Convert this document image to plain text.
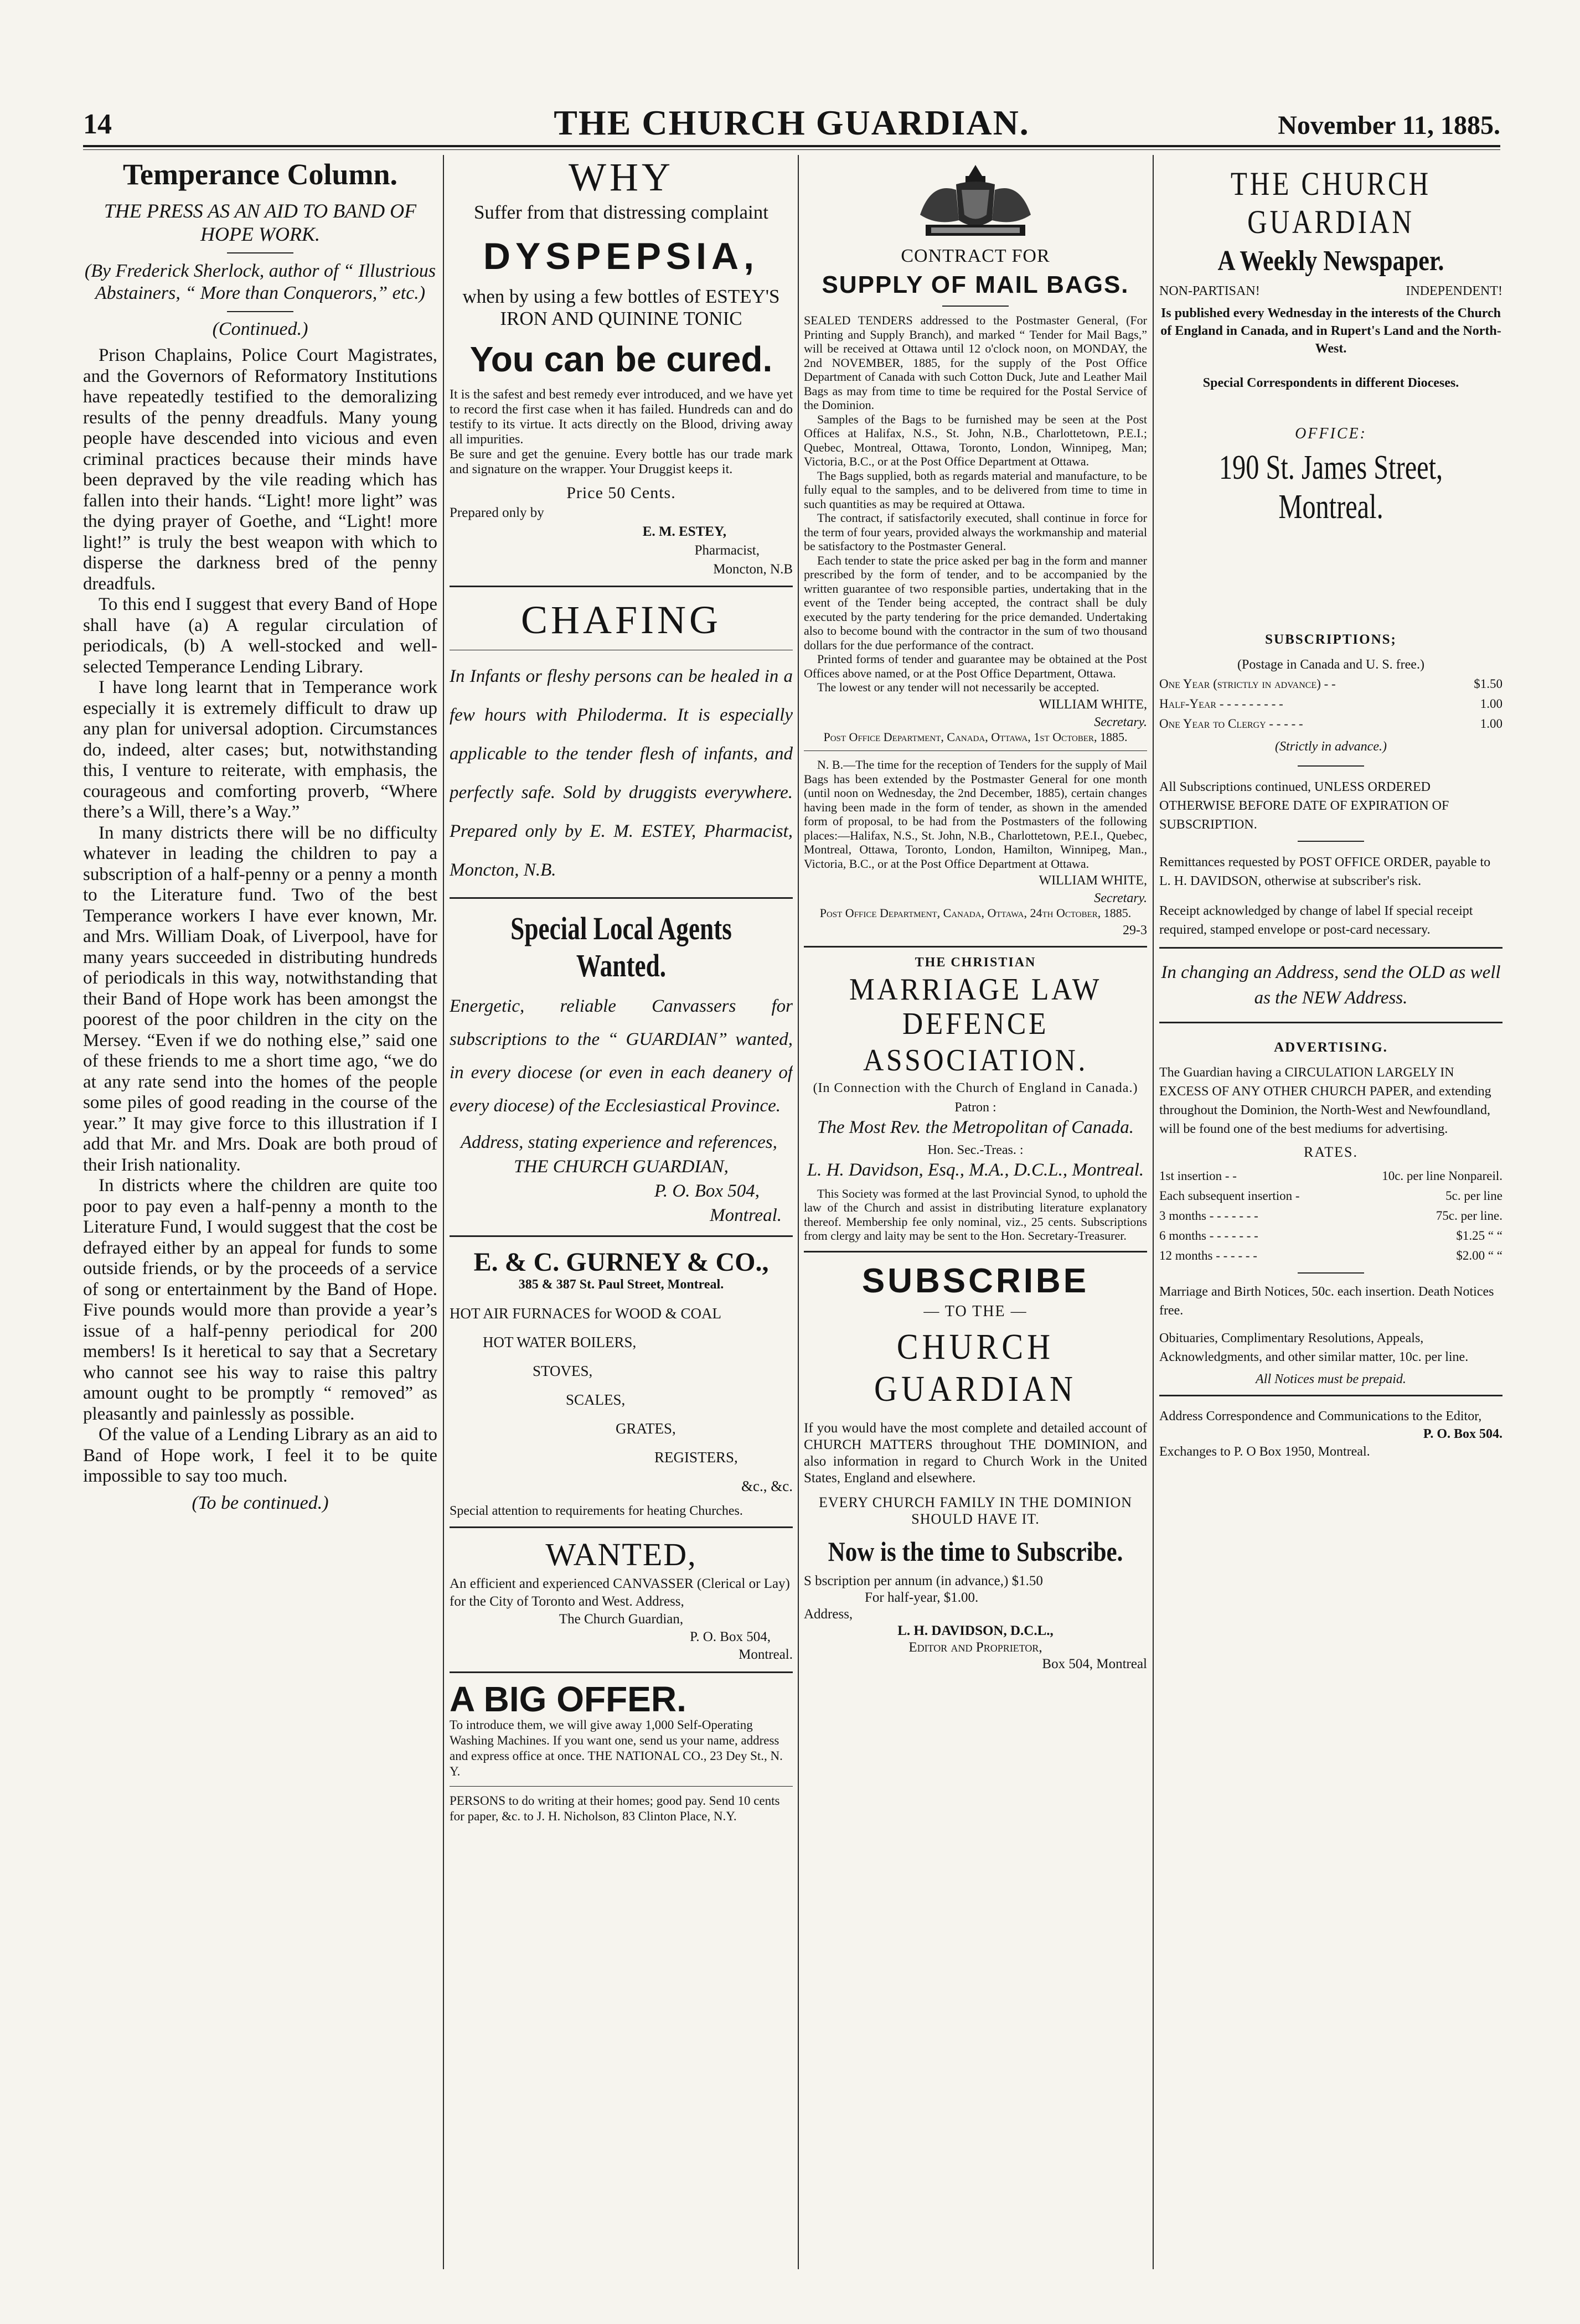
14	THE CHURCH GUARDIAN.	November 11, 1885.
Temperance Column.
THE PRESS AS AN AID TO BAND OF HOPE WORK.
(By Frederick Sherlock, author of “ Illustrious Abstainers, “ More than Conquerors,” etc.)
(Continued.)

Prison Chaplains, Police Court Magistrates, and the Governors of Reformatory Institutions have repeatedly testified to the demoralizing results of the penny dreadfuls. Many young people have descended into vicious and even criminal practices because their minds have been depraved by the vile reading which has fallen into their hands. “Light! more light” was the dying prayer of Goethe, and “Light! more light!” is truly the best weapon with which to disperse the darkness bred of the penny dreadfuls.

To this end I suggest that every Band of Hope shall have (a) A regular circulation of periodicals, (b) A well-stocked and well-selected Temperance Lending Library.

I have long learnt that in Temperance work especially it is extremely difficult to draw up any plan for universal adoption. Circumstances do, indeed, alter cases; but, notwithstanding this, I venture to reiterate, with emphasis, the courageous and comforting proverb, “Where there’s a Will, there’s a Way.”

In many districts there will be no difficulty whatever in leading the children to pay a subscription of a half-penny or a penny a month to the Literature fund. Two of the best Temperance workers I have ever known, Mr. and Mrs. William Doak, of Liverpool, have for many years succeeded in distributing hundreds of periodicals in this way, notwithstanding that their Band of Hope work has been amongst the poorest of the poor children in the city on the Mersey. “Even if we do nothing else,” said one of these friends to me a short time ago, “we do at any rate send into the homes of the people some piles of good reading in the course of the year.” It may give force to this illustration if I add that Mr. and Mrs. Doak are both proud of their Irish nationality.

In districts where the children are quite too poor to pay even a half-penny a month to the Literature Fund, I would suggest that the cost be defrayed either by an appeal for funds to some outside friends, or by the proceeds of a service of song or entertainment by the Band of Hope. Five pounds would more than provide a year’s issue of a half-penny periodical for 200 members! Is it heretical to say that a Secretary who cannot see his way to raise this paltry amount ought to be promptly “ removed” as pleasantly and painlessly as possible.

Of the value of a Lending Library as an aid to Band of Hope work, I feel it to be quite impossible to say too much.

(To be continued.)
WHY

Suffer from that distressing complaint

DYSPEPSIA,

when by using a few bottles of ESTEY'S IRON AND QUININE TONIC

You can be cured.

It is the safest and best remedy ever introduced, and we have yet to record the first case when it has failed. Hundreds can and do testify to its virtue. It acts directly on the Blood, driving away all impurities.

Be sure and get the genuine. Every bottle has our trade mark and signature on the wrapper. Your Druggist keeps it.

Price 50 Cents.
Prepared only by
E. M. ESTEY,
Pharmacist,
Moncton, N.B
CHAFING

In Infants or fleshy persons can be healed in a few hours with Philoderma. It is especially applicable to the tender flesh of infants, and perfectly safe. Sold by druggists everywhere. Prepared only by E. M. ESTEY, Pharmacist, Moncton, N.B.

Special Local Agents Wanted.

Energetic, reliable Canvassers for subscriptions to the “ GUARDIAN” wanted, in every diocese (or even in each deanery of every diocese) of the Ecclesiastical Province.

Address, stating experience and references,

THE CHURCH GUARDIAN,

P. O. Box 504,

Montreal.

E. & C. GURNEY & CO.,
385 & 387 St. Paul Street, Montreal.
HOT AIR FURNACES for WOOD & COAL
HOT WATER BOILERS,
STOVES,
SCALES,
GRATES,
REGISTERS,
&c., &c.
Special attention to requirements for heating Churches.
WANTED,

An efficient and experienced CANVASSER (Clerical or Lay) for the City of Toronto and West. Address,

The Church Guardian,

P. O. Box 504,

Montreal.

A BIG OFFER.

To introduce them, we will give away 1,000 Self-Operating Washing Machines. If you want one, send us your name, address and express office at once. THE NATIONAL CO., 23 Dey St., N. Y.

PERSONS to do writing at their homes; good pay. Send 10 cents for paper, &c. to J. H. Nicholson, 83 Clinton Place, N.Y.

CONTRACT FOR
SUPPLY OF MAIL BAGS.

SEALED TENDERS addressed to the Postmaster General, (For Printing and Supply Branch), and marked “ Tender for Mail Bags,” will be received at Ottawa until 12 o'clock noon, on MONDAY, the 2nd NOVEMBER, 1885, for the supply of the Post Office Department of Canada with such Cotton Duck, Jute and Leather Mail Bags as may from time to time be required for the Postal Service of the Dominion.

Samples of the Bags to be furnished may be seen at the Post Offices at Halifax, N.S., St. John, N.B., Charlottetown, P.E.I.; Quebec, Montreal, Ottawa, Toronto, London, Winnipeg, Man; Victoria, B.C., or at the Post Office Department at Ottawa.

The Bags supplied, both as regards material and manufacture, to be fully equal to the samples, and to be delivered from time to time in such quantities as may be required at Ottawa.

The contract, if satisfactorily executed, shall continue in force for the term of four years, provided always the workmanship and material be satisfactory to the Postmaster General.

Each tender to state the price asked per bag in the form and manner prescribed by the form of tender, and to be accompanied by the written guarantee of two responsible parties, undertaking that in the event of the Tender being accepted, the contract shall be duly executed by the party tendering for the price demanded. Undertaking also to become bound with the contractor in the sum of two thousand dollars for the due performance of the contract.

Printed forms of tender and guarantee may be obtained at the Post Offices above named, or at the Post Office Department, Ottawa.

The lowest or any tender will not necessarily be accepted.

WILLIAM WHITE,
Secretary.

Post Office Department, Canada, Ottawa, 1st October, 1885.

N. B.—The time for the reception of Tenders for the supply of Mail Bags has been extended by the Postmaster General for one month (until noon on Wednesday, the 2nd December, 1885), certain changes having been made in the form of tender, as shown in the amended form of proposal, to be had from the Postmasters of the following places:—Halifax, N.S., St. John, N.B., Charlottetown, P.E.I., Quebec, Montreal, Ottawa, Toronto, London, Hamilton, Winnipeg, Man., Victoria, B.C., or at the Post Office Department at Ottawa.

WILLIAM WHITE,
Secretary.

Post Office Department, Canada, Ottawa, 24th October, 1885.

29-3
THE CHRISTIAN
MARRIAGE LAW DEFENCE
ASSOCIATION.
(In Connection with the Church of England in Canada.)
Patron :
The Most Rev. the Metropolitan of Canada.
Hon. Sec.-Treas. :
L. H. Davidson, Esq., M.A., D.C.L., Montreal.

This Society was formed at the last Provincial Synod, to uphold the law of the Church and assist in distributing literature explanatory thereof. Membership fee only nominal, viz., 25 cents. Subscriptions from clergy and laity may be sent to the Hon. Secretary-Treasurer.

SUBSCRIBE
— TO THE —
CHURCH GUARDIAN

If you would have the most complete and detailed account of CHURCH MATTERS throughout THE DOMINION, and also information in regard to Church Work in the United States, England and elsewhere.

EVERY CHURCH FAMILY IN THE DOMINION SHOULD HAVE IT.
Now is the time to Subscribe.

S bscription per annum (in advance,) $1.50

For half-year, $1.00.

Address,

L. H. DAVIDSON, D.C.L.,

Editor and Proprietor,

Box 504, Montreal

THE CHURCH GUARDIAN
A Weekly Newspaper.
NON-PARTISAN!	INDEPENDENT!
Is published every Wednesday in the interests of the Church of England in Canada, and in Rupert's Land and the North-West.
Special Correspondents in different Dioceses.
OFFICE:
190 St. James Street, Montreal.
SUBSCRIPTIONS;
(Postage in Canada and U. S. free.)
One Year (strictly in advance) - -	$1.50
Half-Year - - - - - - - - -	1.00
One Year to Clergy - - - - -	1.00
(Strictly in advance.)

All Subscriptions continued, UNLESS ORDERED OTHERWISE BEFORE DATE OF EXPIRATION OF SUBSCRIPTION.

Remittances requested by POST OFFICE ORDER, payable to L. H. DAVIDSON, otherwise at subscriber's risk.

Receipt acknowledged by change of label If special receipt required, stamped envelope or post-card necessary.

In changing an Address, send the OLD as well as the NEW Address.
ADVERTISING.

The Guardian having a CIRCULATION LARGELY IN EXCESS OF ANY OTHER CHURCH PAPER, and extending throughout the Dominion, the North-West and Newfoundland, will be found one of the best mediums for advertising.

RATES.
1st insertion - -	10c. per line Nonpareil.
Each subsequent insertion -	5c. per line
3 months - - - - - - -	75c. per line.
6 months - - - - - - -	$1.25 “ “
12 months - - - - - -	$2.00 “ “

Marriage and Birth Notices, 50c. each insertion. Death Notices free.

Obituaries, Complimentary Resolutions, Appeals, Acknowledgments, and other similar matter, 10c. per line.

All Notices must be prepaid.

Address Correspondence and Communications to the Editor,

P. O. Box 504.

Exchanges to P. O Box 1950, Montreal.
